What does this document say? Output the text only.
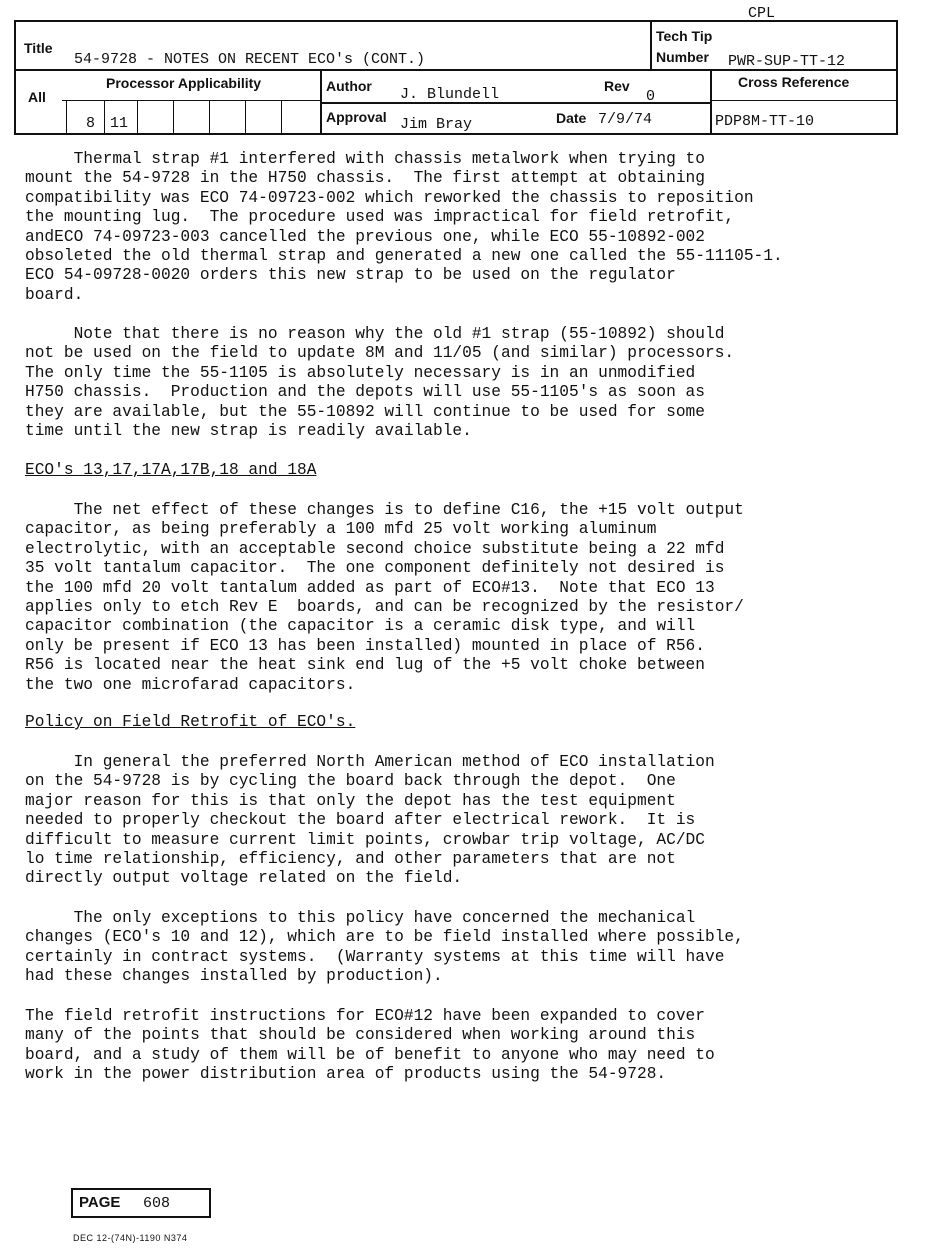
CPL
Title
54-9728 - NOTES ON RECENT ECO's (CONT.)
Tech Tip
Number PWR-SUP-TT-12
All
Processor Applicability
8 11
Author J. Blundell	Rev
0
Approval Jim Bray	Date 7/9/74
Cross Reference
PDP8M-TT-10
Thermal strap #1 interfered with chassis metalwork when trying to
mount the 54-9728 in the H750 chassis.  The first attempt at obtaining
compatibility was ECO 74-09723-002 which reworked the chassis to reposition
the mounting lug.  The procedure used was impractical for field retrofit,
andECO 74-09723-003 cancelled the previous one, while ECO 55-10892-002
obsoleted the old thermal strap and generated a new one called the 55-11105-1.
ECO 54-09728-0020 orders this new strap to be used on the regulator
board.
Note that there is no reason why the old #1 strap (55-10892) should
not be used on the field to update 8M and 11/05 (and similar) processors.
The only time the 55-1105 is absolutely necessary is in an unmodified
H750 chassis.  Production and the depots will use 55-1105's as soon as
they are available, but the 55-10892 will continue to be used for some
time until the new strap is readily available.
ECO's 13,17,17A,17B,18 and 18A
The net effect of these changes is to define C16, the +15 volt output
capacitor, as being preferably a 100 mfd 25 volt working aluminum
electrolytic, with an acceptable second choice substitute being a 22 mfd
35 volt tantalum capacitor.  The one component definitely not desired is
the 100 mfd 20 volt tantalum added as part of ECO#13.  Note that ECO 13
applies only to etch Rev E  boards, and can be recognized by the resistor/
capacitor combination (the capacitor is a ceramic disk type, and will
only be present if ECO 13 has been installed) mounted in place of R56.
R56 is located near the heat sink end lug of the +5 volt choke between
the two one microfarad capacitors.
Policy on Field Retrofit of ECO's.
In general the preferred North American method of ECO installation
on the 54-9728 is by cycling the board back through the depot.  One
major reason for this is that only the depot has the test equipment
needed to properly checkout the board after electrical rework.  It is
difficult to measure current limit points, crowbar trip voltage, AC/DC
lo time relationship, efficiency, and other parameters that are not
directly output voltage related on the field.
The only exceptions to this policy have concerned the mechanical
changes (ECO's 10 and 12), which are to be field installed where possible,
certainly in contract systems.  (Warranty systems at this time will have
had these changes installed by production).
The field retrofit instructions for ECO#12 have been expanded to cover
many of the points that should be considered when working around this
board, and a study of them will be of benefit to anyone who may need to
work in the power distribution area of products using the 54-9728.
PAGE 608
DEC 12-(74N)-1190 N374
